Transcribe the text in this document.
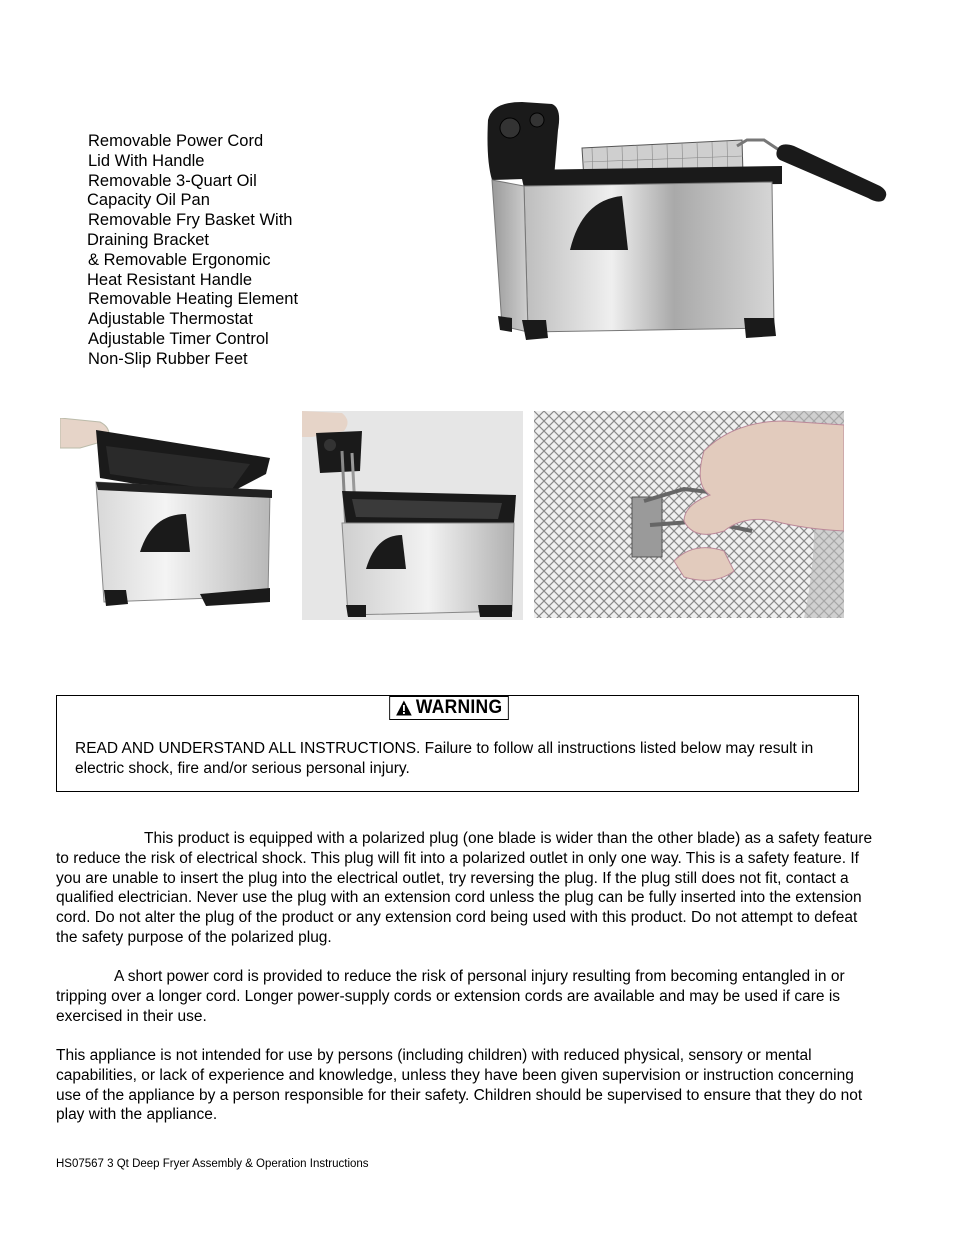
Removable Power Cord
Lid With Handle
Removable 3-Quart Oil
Capacity Oil Pan
Removable Fry Basket With
Draining Bracket
& Removable Ergonomic
Heat Resistant Handle
Removable Heating Element
Adjustable Thermostat
Adjustable Timer Control
Non-Slip Rubber Feet
WARNING
READ AND UNDERSTAND ALL INSTRUCTIONS. Failure to follow all instructions listed below may result in electric shock, fire and/or serious personal injury.
This product is equipped with a polarized plug (one blade is wider than the other blade) as a safety feature to reduce the risk of electrical shock. This plug will fit into a polarized outlet in only one way. This is a safety feature. If you are unable to insert the plug into the electrical outlet, try reversing the plug. If the plug still does not fit, contact a qualified electrician. Never use the plug with an extension cord unless the plug can be fully inserted into the extension cord. Do not alter the plug of the product or any extension cord being used with this product. Do not attempt to defeat the safety purpose of the polarized plug.
A short power cord is provided to reduce the risk of personal injury resulting from becoming entangled in or tripping over a longer cord. Longer power-supply cords or extension cords are available and may be used if care is exercised in their use.
This appliance is not intended for use by persons (including children) with reduced physical, sensory or mental capabilities, or lack of experience and knowledge, unless they have been given supervision or instruction concerning use of the appliance by a person responsible for their safety. Children should be supervised to ensure that they do not play with the appliance.
HS07567 3 Qt Deep Fryer Assembly & Operation Instructions
